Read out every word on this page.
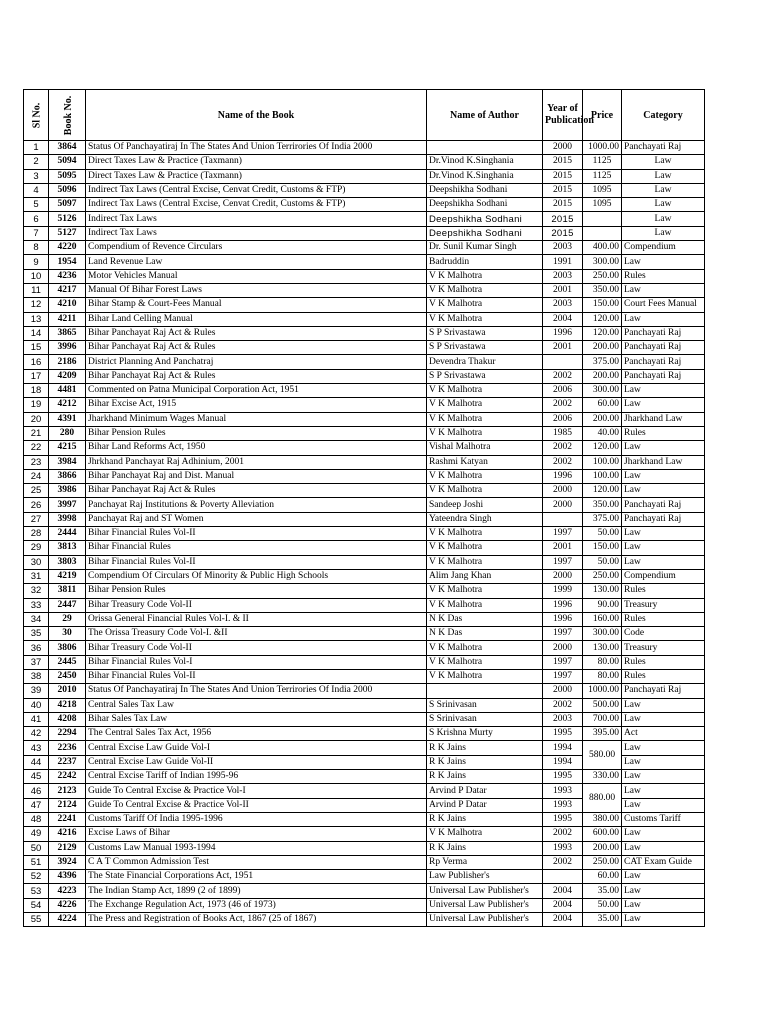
Sl No.	Book No.	Name of the Book	Name of Author	Year of Publication	Price	Category
1	3864	Status Of Panchayatiraj In The States And Union Terrirories Of India 2000		2000	1000.00	Panchayati Raj
2	5094	Direct Taxes Law & Practice (Taxmann)	Dr.Vinod K.Singhania	2015	1125	Law
3	5095	Direct Taxes Law & Practice (Taxmann)	Dr.Vinod K.Singhania	2015	1125	Law
4	5096	Indirect Tax Laws (Central Excise, Cenvat Credit, Customs & FTP)	Deepshikha Sodhani	2015	1095	Law
5	5097	Indirect Tax Laws (Central Excise, Cenvat Credit, Customs & FTP)	Deepshikha Sodhani	2015	1095	Law
6	5126	Indirect Tax Laws	Deepshikha Sodhani	2015		Law
7	5127	Indirect Tax Laws	Deepshikha Sodhani	2015		Law
8	4220	Compendium of Revence Circulars	Dr. Sunil Kumar Singh	2003	400.00	Compendium
9	1954	Land Revenue Law	Badruddin	1991	300.00	Law
10	4236	Motor Vehicles Manual	V K Malhotra	2003	250.00	Rules
11	4217	Manual Of Bihar Forest Laws	V K Malhotra	2001	350.00	Law
12	4210	Bihar Stamp & Court-Fees Manual	V K Malhotra	2003	150.00	Court Fees Manual
13	4211	Bihar Land Celling Manual	V K Malhotra	2004	120.00	Law
14	3865	Bihar Panchayat Raj Act & Rules	S P Srivastawa	1996	120.00	Panchayati Raj
15	3996	Bihar Panchayat Raj Act & Rules	S P Srivastawa	2001	200.00	Panchayati Raj
16	2186	District Planning And Panchatraj	Devendra Thakur		375.00	Panchayati Raj
17	4209	Bihar Panchayat Raj Act & Rules	S P Srivastawa	2002	200.00	Panchayati Raj
18	4481	Commented on Patna Municipal Corporation Act, 1951	V K Malhotra	2006	300.00	Law
19	4212	Bihar Excise Act, 1915	V K Malhotra	2002	60.00	Law
20	4391	Jharkhand Minimum Wages Manual	V K Malhotra	2006	200.00	Jharkhand Law
21	280	Bihar Pension Rules	V K Malhotra	1985	40.00	Rules
22	4215	Bihar Land Reforms Act, 1950	Vishal Malhotra	2002	120.00	Law
23	3984	Jhrkhand Panchayat Raj Adhinium, 2001	Rashmi Katyan	2002	100.00	Jharkhand Law
24	3866	Bihar Panchayat Raj and Dist. Manual	V K Malhotra	1996	100.00	Law
25	3986	Bihar Panchayat Raj Act & Rules	V K Malhotra	2000	120.00	Law
26	3997	Panchayat Raj Institutions & Poverty Alleviation	Sandeep Joshi	2000	350.00	Panchayati Raj
27	3998	Panchayat Raj and ST Women	Yateendra Singh		375.00	Panchayati Raj
28	2444	Bihar Financial Rules Vol-II	V K Malhotra	1997	50.00	Law
29	3813	Bihar Financial Rules	V K Malhotra	2001	150.00	Law
30	3803	Bihar Financial Rules Vol-II	V K Malhotra	1997	50.00	Law
31	4219	Compendium Of Circulars Of Minority & Public High Schools	Alim Jang Khan	2000	250.00	Compendium
32	3811	Bihar Pension Rules	V K Malhotra	1999	130.00	Rules
33	2447	Bihar Treasury Code Vol-II	V K Malhotra	1996	90.00	Treasury
34	29	Orissa General Financial Rules Vol-I. & II	N K Das	1996	160.00	Rules
35	30	The Orissa Treasury Code Vol-I. &II	N K Das	1997	300.00	Code
36	3806	Bihar Treasury Code Vol-II	V K Malhotra	2000	130.00	Treasury
37	2445	Bihar Financial Rules Vol-I	V K Malhotra	1997	80.00	Rules
38	2450	Bihar Financial Rules Vol-II	V K Malhotra	1997	80.00	Rules
39	2010	Status Of Panchayatiraj In The States And Union Terrirories Of India 2000		2000	1000.00	Panchayati Raj
40	4218	Central Sales Tax Law	S Srinivasan	2002	500.00	Law
41	4208	Bihar Sales Tax Law	S Srinivasan	2003	700.00	Law
42	2294	The Central Sales Tax Act, 1956	S Krishna Murty	1995	395.00	Act
43	2236	Central Excise Law Guide Vol-I	R K Jains	1994	580.00	Law
44	2237	Central Excise Law Guide Vol-II	R K Jains	1994		Law
45	2242	Central Excise Tariff of Indian 1995-96	R K Jains	1995	330.00	Law
46	2123	Guide To Central Excise & Practice Vol-I	Arvind P Datar	1993	880.00	Law
47	2124	Guide To Central Excise & Practice Vol-II	Arvind P Datar	1993		Law
48	2241	Customs Tariff Of India 1995-1996	R K Jains	1995	380.00	Customs Tariff
49	4216	Excise Laws of Bihar	V K Malhotra	2002	600.00	Law
50	2129	Customs Law Manual 1993-1994	R K Jains	1993	200.00	Law
51	3924	C A T Common Admission Test	Rp Verma	2002	250.00	CAT Exam Guide
52	4396	The State Financial Corporations Act, 1951	Law Publisher's		60.00	Law
53	4223	The Indian Stamp Act, 1899 (2 of 1899)	Universal Law Publisher's	2004	35.00	Law
54	4226	The Exchange Regulation Act, 1973 (46 of 1973)	Universal Law Publisher's	2004	50.00	Law
55	4224	The Press and Registration of Books Act, 1867 (25 of 1867)	Universal Law Publisher's	2004	35.00	Law
